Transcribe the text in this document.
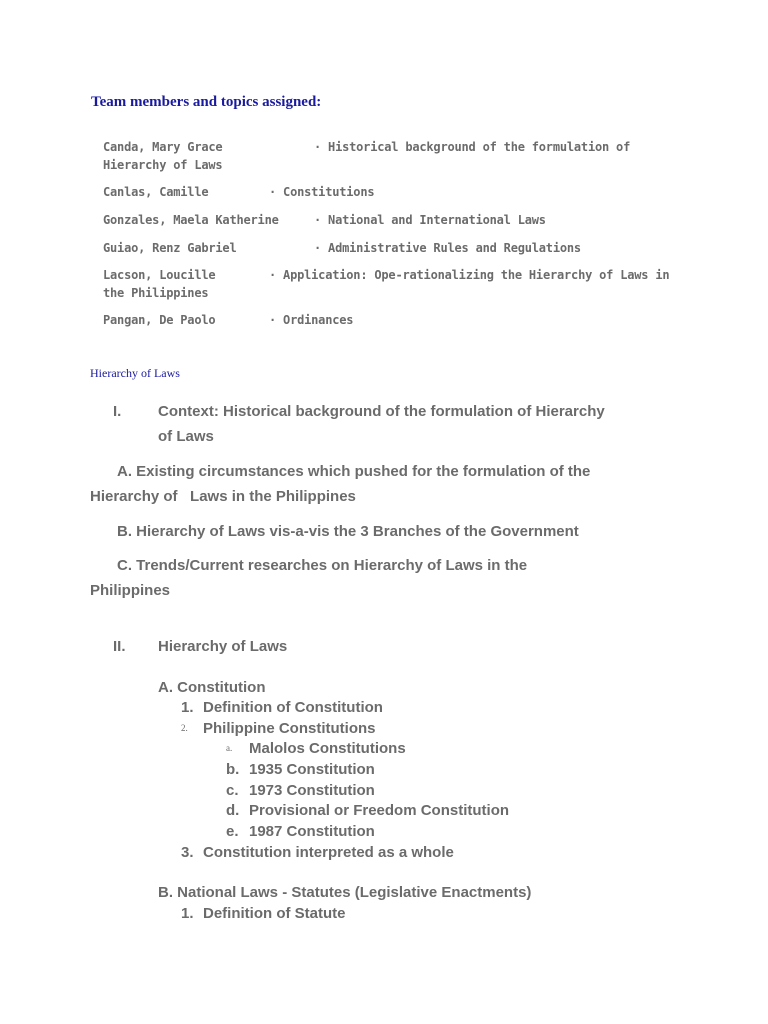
Team members and topics assigned:
Canda, Mary Grace	· Historical background of the formulation of
Hierarchy of Laws
Canlas, Camille	· Constitutions
Gonzales, Maela Katherine	· National and International Laws
Guiao, Renz Gabriel	· Administrative Rules and Regulations
Lacson, Loucille	· Application: Ope-rationalizing the Hierarchy of Laws in
the Philippines
Pangan, De Paolo	· Ordinances
Hierarchy of Laws
I. Context: Historical background of the formulation of Hierarchy
of Laws
A. Existing circumstances which pushed for the formulation of the
Hierarchy of   Laws in the Philippines
B. Hierarchy of Laws vis-a-vis the 3 Branches of the Government
C. Trends/Current researches on Hierarchy of Laws in the
Philippines
II. Hierarchy of Laws
A. Constitution
1. Definition of Constitution
2. Philippine Constitutions
a. Malolos Constitutions
b. 1935 Constitution
c. 1973 Constitution
d. Provisional or Freedom Constitution
e. 1987 Constitution
3. Constitution interpreted as a whole
B. National Laws - Statutes (Legislative Enactments)
1. Definition of Statute
